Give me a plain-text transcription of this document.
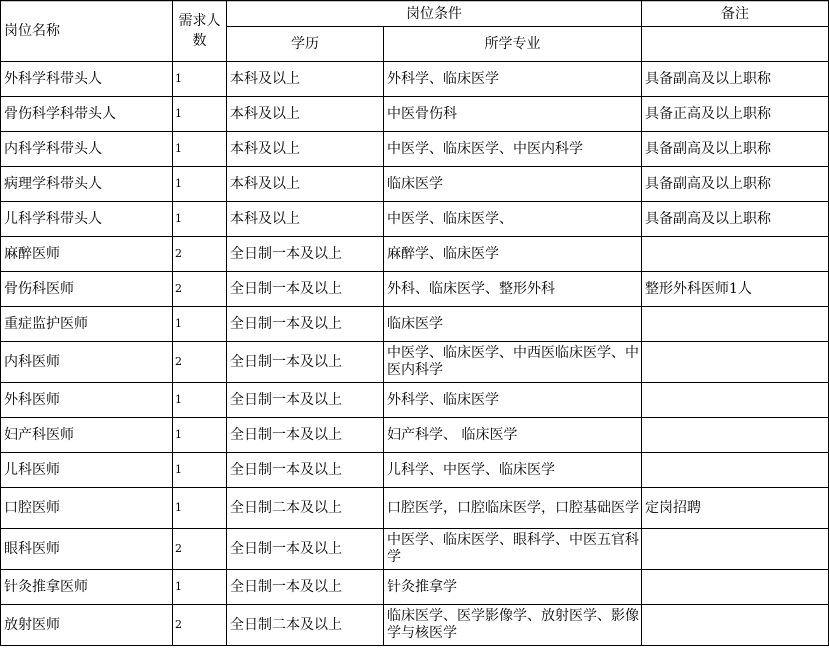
岗位名称	需求人数	岗位条件		备注
		学历	所学专业	
外科学科带头人	1	本科及以上	外科学、临床医学	具备副高及以上职称
骨伤科学科带头人	1	本科及以上	中医骨伤科	具备正高及以上职称
内科学科带头人	1	本科及以上	中医学、临床医学、中医内科学	具备副高及以上职称
病理学科带头人	1	本科及以上	临床医学	具备副高及以上职称
儿科学科带头人	1	本科及以上	中医学、临床医学、	具备副高及以上职称
麻醉医师	2	全日制一本及以上	麻醉学、临床医学	
骨伤科医师	2	全日制一本及以上	外科、临床医学、整形外科	整形外科医师1人
重症监护医师	1	全日制一本及以上	临床医学	
内科医师	2	全日制一本及以上	中医学、临床医学、中西医临床医学、中医内科学	
外科医师	1	全日制一本及以上	外科学、临床医学	
妇产科医师	1	全日制一本及以上	妇产科学、 临床医学	
儿科医师	1	全日制一本及以上	儿科学、中医学、临床医学	
口腔医师	1	全日制二本及以上	口腔医学，口腔临床医学，口腔基础医学	定岗招聘
眼科医师	2	全日制一本及以上	中医学、临床医学、眼科学、中医五官科学	
针灸推拿医师	1	全日制一本及以上	针灸推拿学	
放射医师	2	全日制二本及以上	临床医学、医学影像学、放射医学、影像学与核医学	
